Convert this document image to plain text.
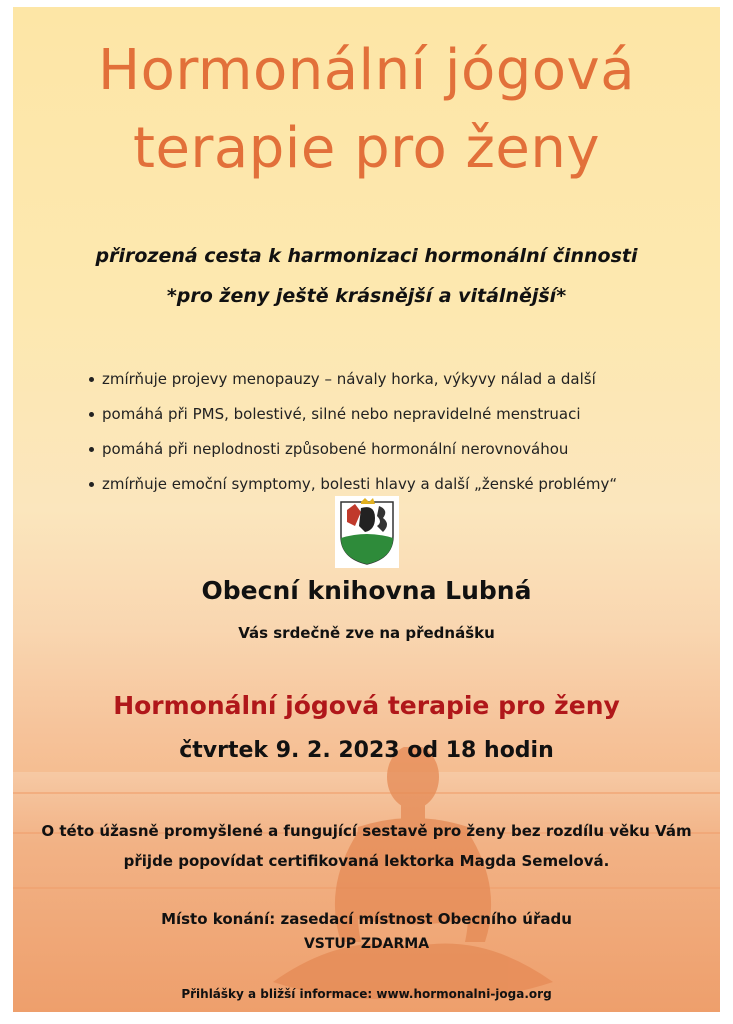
Hormonální jógová
terapie pro ženy
přirozená cesta k harmonizaci hormonální činnosti
*pro ženy ještě krásnější a vitálnější*
zmírňuje projevy menopauzy – návaly horka, výkyvy nálad a další
pomáhá při PMS, bolestivé, silné nebo nepravidelné menstruaci
pomáhá při neplodnosti způsobené hormonální nerovnováhou
zmírňuje emoční symptomy, bolesti hlavy a další „ženské problémy“
Obecní knihovna Lubná
Vás srdečně zve na přednášku
Hormonální jógová terapie pro ženy
čtvrtek 9. 2. 2023 od 18 hodin
O této úžasně promyšlené a fungující sestavě pro ženy bez rozdílu věku Vám
přijde popovídat certifikovaná lektorka Magda Semelová.
Místo konání: zasedací místnost Obecního úřadu
VSTUP ZDARMA
Přihlášky a bližší informace: www.hormonalni-joga.org
